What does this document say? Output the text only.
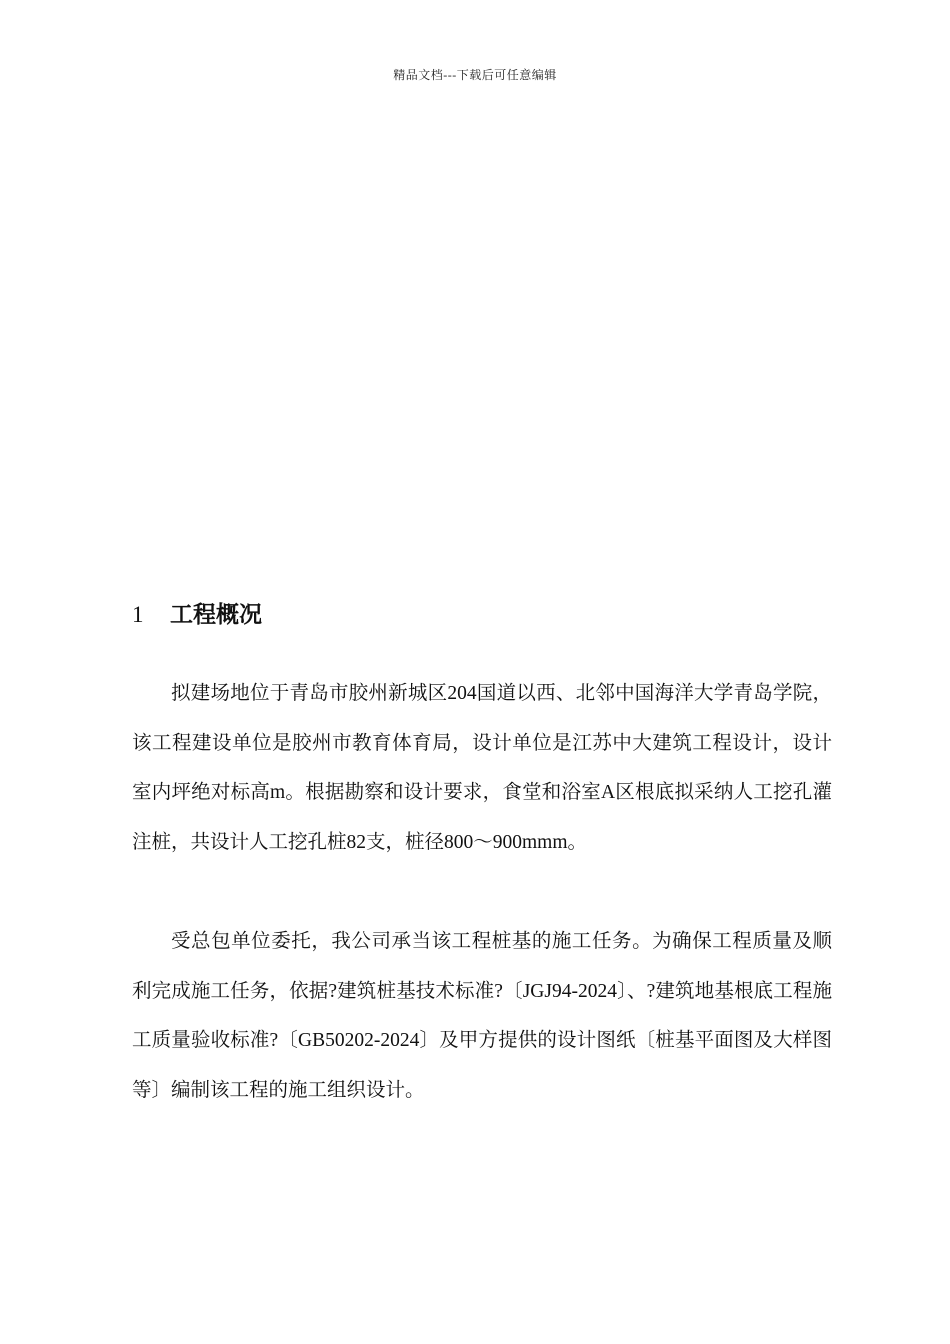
精品文档---下载后可任意编辑
1 工程概况

拟建场地位于青岛市胶州新城区204国道以西、北邻中国海洋大学青岛学院，该工程建设单位是胶州市教育体育局，设计单位是江苏中大建筑工程设计，设计室内坪绝对标高m。根据勘察和设计要求，食堂和浴室A区根底拟采纳人工挖孔灌注桩，共设计人工挖孔桩82支，桩径800～900mmm。

受总包单位委托，我公司承当该工程桩基的施工任务。为确保工程质量及顺利完成施工任务，依据?建筑桩基技术标准?〔JGJ94-2024〕、?建筑地基根底工程施工质量验收标准?〔GB50202-2024〕及甲方提供的设计图纸〔桩基平面图及大样图等〕编制该工程的施工组织设计。
